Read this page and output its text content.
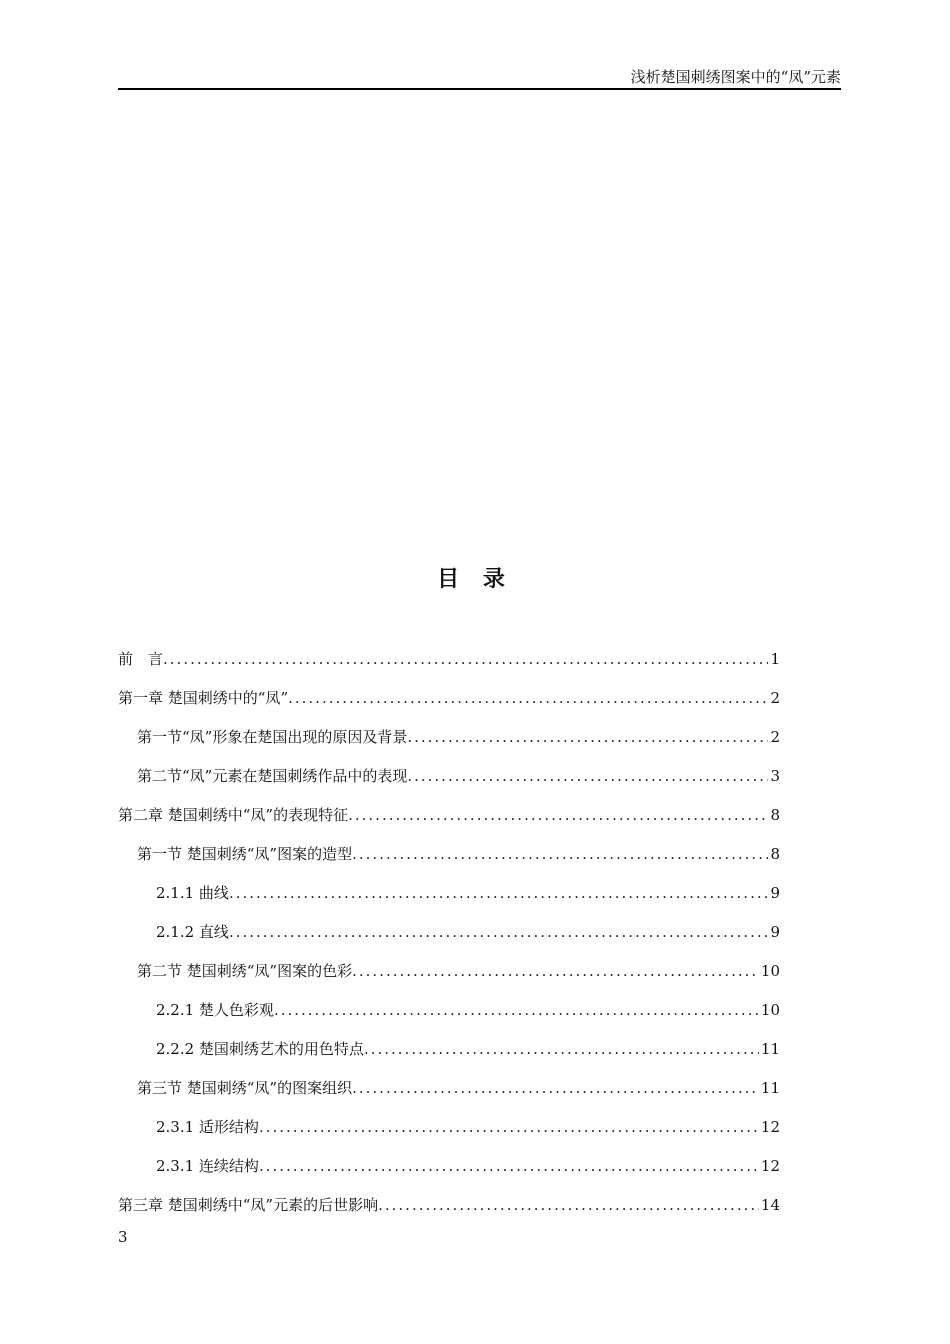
浅析楚国刺绣图案中的“凤”元素
目 录
前　言 .....	1
第一章 楚国刺绣中的“凤” .....	2
第一节“凤”形象在楚国出现的原因及背景 .....	2
第二节“凤”元素在楚国刺绣作品中的表现 .....	3
第二章 楚国刺绣中“凤”的表现特征 .....	8
第一节 楚国刺绣“凤”图案的造型 .....	8
2.1.1 曲线 .....	9
2.1.2 直线 .....	9
第二节 楚国刺绣“凤”图案的色彩 .....	10
2.2.1 楚人色彩观 .....	10
2.2.2 楚国刺绣艺术的用色特点 .....	11
第三节 楚国刺绣“凤”的图案组织 .....	11
2.3.1 适形结构 .....	12
2.3.1 连续结构 .....	12
第三章 楚国刺绣中“凤”元素的后世影响 .....	14
3
